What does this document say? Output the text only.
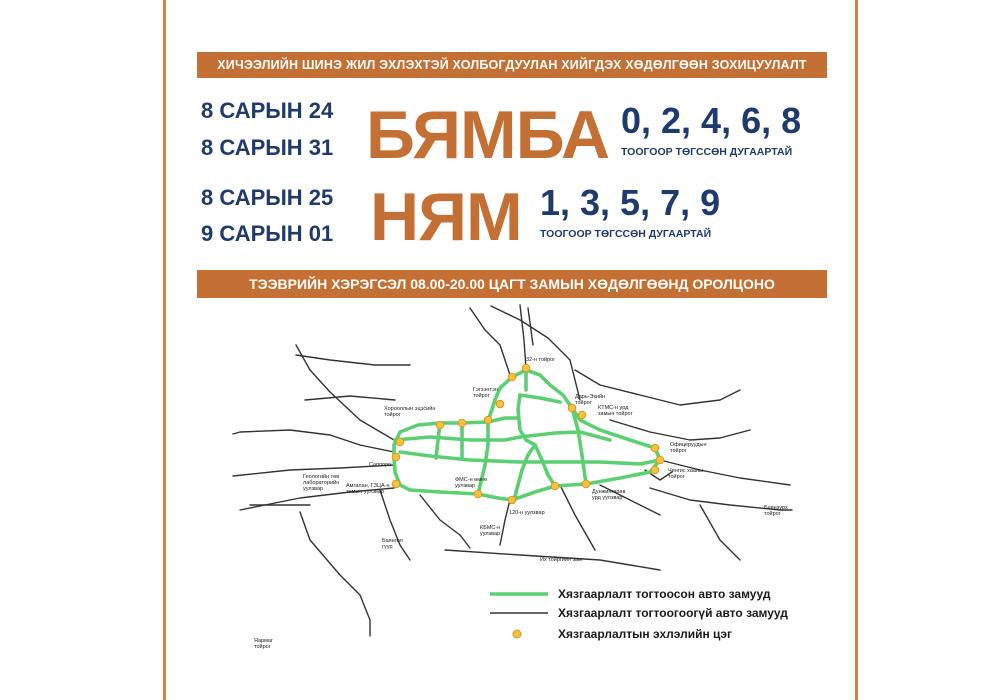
ХИЧЭЭЛИЙН ШИНЭ ЖИЛ ЭХЛЭХТЭЙ ХОЛБОГДУУЛАН ХИЙГДЭХ ХӨДӨЛГӨӨН ЗОХИЦУУЛАЛТ
8 САРЫН 24
8 САРЫН 31 БЯМБА 0, 2, 4, 6, 8
ТООГООР ТӨГССӨН ДУГААРТАЙ
8 САРЫН 25
9 САРЫН 01 НЯМ 1, 3, 5, 7, 9
ТООГООР ТӨГССӨН ДУГААРТАЙ
ТЭЭВРИЙН ХЭРЭГСЭЛ 08.00-20.00 ЦАГТ ЗАМЫН ХӨДӨЛГӨӨНД ОРОЛЦОНО
32-н тойрог
Гэгээнтэн
тойрог
Хорооллын эцэсийн
тойрог
Дарь-Экийн
тойрог
КТМС-н урд
замын тойрог
Офицеруудын
тойрог
Саппоро
Геологийн төв
лабораторийн
уулзвар	Амгалан, ГЗЦА-н
замын уулзвар
ФМС-н өмнө
уулзвар
120-н уулзвар
Дунжингарав
урд уулзвар
Чингис хааны
тойрог
КБМС-н
уулзвар
Баянгол
гүүр
Их тойргийн зам
Яармаг
тойрог
Баянзүрх
тойрог
Хязгаарлалт тогтоосон авто замууд
Хязгаарлалт тогтоогоогүй авто замууд
Хязгаарлалтын эхлэлийн цэг
